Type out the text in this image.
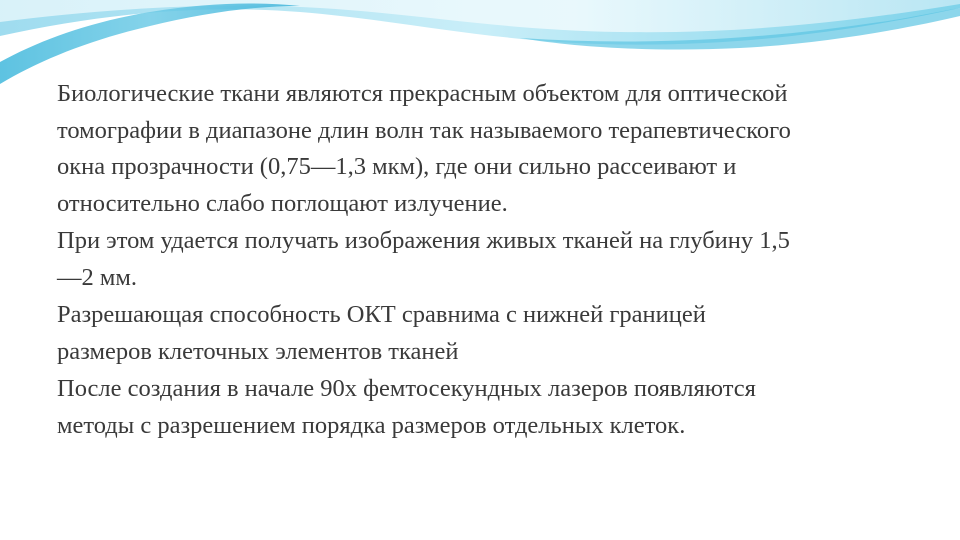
Биологические ткани являются прекрасным объектом для оптической
томографии в диапазоне длин волн так называемого терапевтического
окна прозрачности (0,75—1,3 мкм), где они сильно рассеивают и
относительно слабо поглощают излучение.

При этом удается получать изображения живых тканей на глубину 1,5
—2 мм.

Разрешающая способность ОКТ сравнима с нижней границей
размеров клеточных элементов тканей

После создания в начале 90х фемтосекундных лазеров появляются
методы с разрешением порядка размеров отдельных клеток.
